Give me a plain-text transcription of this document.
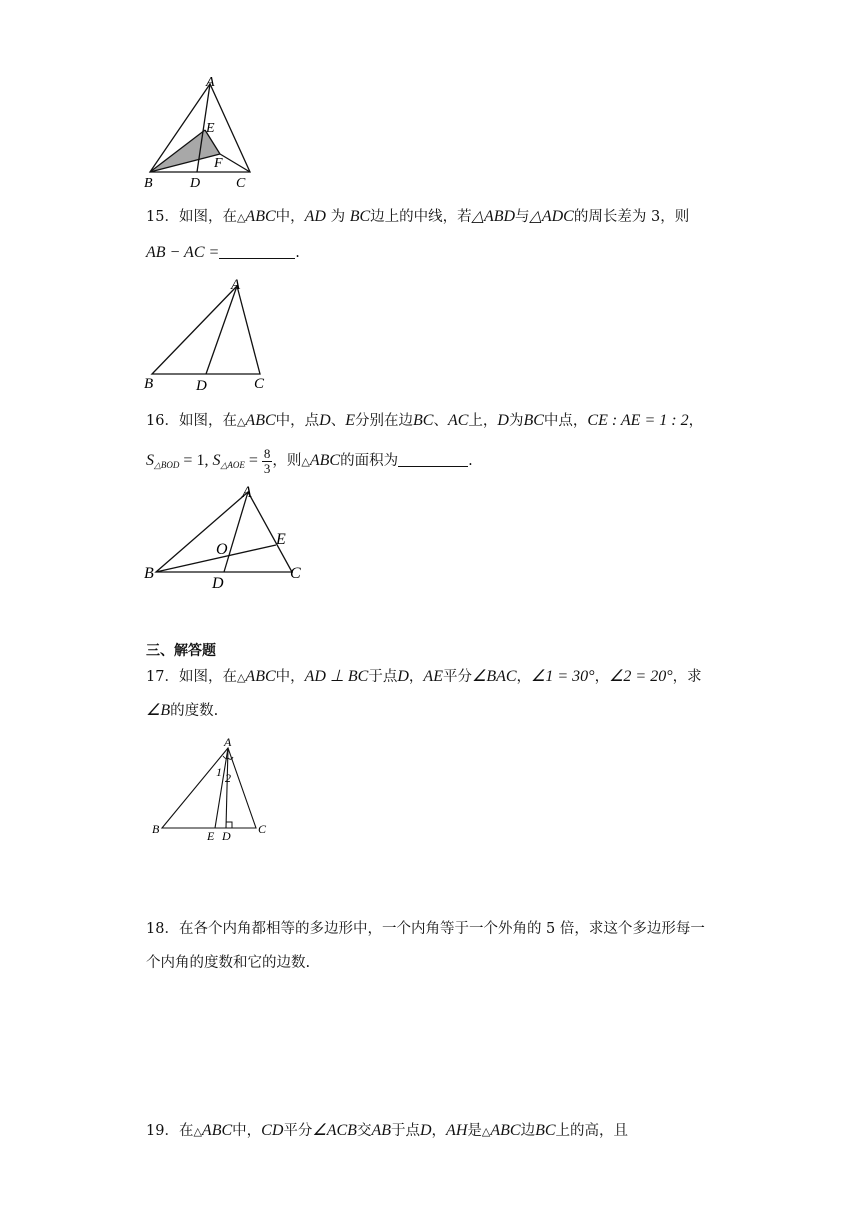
A
E
F
B	D	C
15．如图，在△ABC中，AD 为 BC边上的中线，若△ABD与△ADC的周长差为 3，则
AB − AC =	.
A
B	D	C
16．如图，在△ABC中，点D、E分别在边BC、AC上，D为BC中点，CE : AE = 1 : 2，
$S_{\triangle BOD} = 1$, $S_{\triangle AOE} = \frac{8}{3}$ ，则△ABC的面积为	.
A
O
E
B
D
C
三、解答题
17．如图，在△ABC中，AD ⊥ BC于点D，AE平分∠BAC，∠1 = 30°，∠2 = 20°，求
∠B的度数.
A
1 2
B	E D C
18．在各个内角都相等的多边形中，一个内角等于一个外角的 5 倍，求这个多边形每一
个内角的度数和它的边数.
19．在△ABC中，CD平分∠ACB交AB于点D，AH是△ABC边BC上的高，且
